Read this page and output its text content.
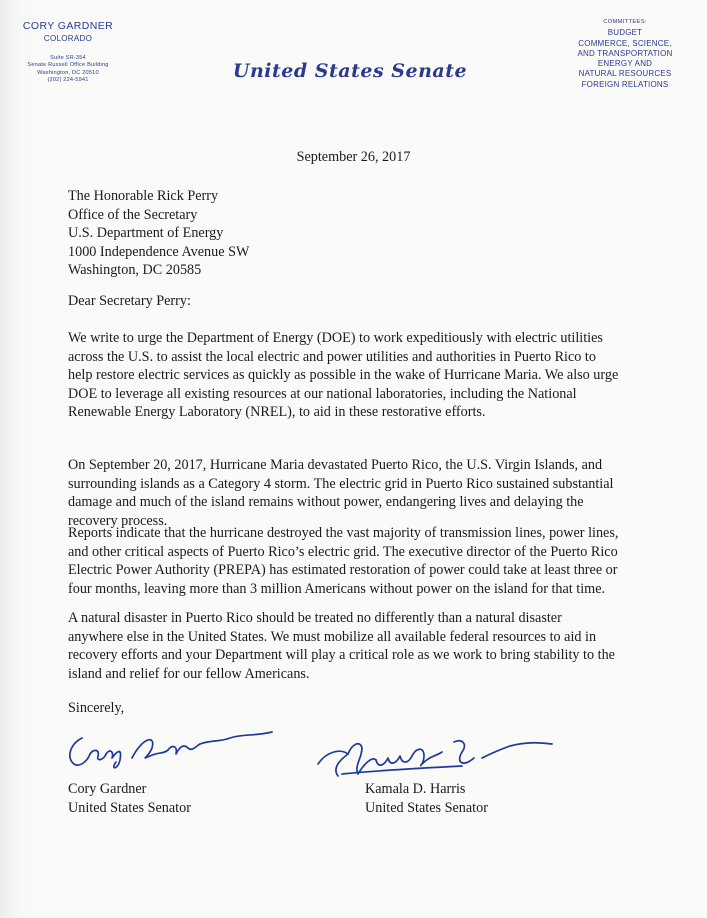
CORY GARDNER
COLORADO
Suite SR-354
Senate Russell Office Building
Washington, DC 20510
(202) 224-5941	United States Senate
COMMITTEES:
BUDGET
COMMERCE, SCIENCE,
AND TRANSPORTATION
ENERGY AND
NATURAL RESOURCES
FOREIGN RELATIONS
September 26, 2017
The Honorable Rick Perry
Office of the Secretary
U.S. Department of Energy
1000 Independence Avenue SW
Washington, DC 20585
Dear Secretary Perry:
We write to urge the Department of Energy (DOE) to work expeditiously with electric utilities
across the U.S. to assist the local electric and power utilities and authorities in Puerto Rico to
help restore electric services as quickly as possible in the wake of Hurricane Maria. We also urge
DOE to leverage all existing resources at our national laboratories, including the National
Renewable Energy Laboratory (NREL), to aid in these restorative efforts.
On September 20, 2017, Hurricane Maria devastated Puerto Rico, the U.S. Virgin Islands, and
surrounding islands as a Category 4 storm. The electric grid in Puerto Rico sustained substantial
damage and much of the island remains without power, endangering lives and delaying the
recovery process.
Reports indicate that the hurricane destroyed the vast majority of transmission lines, power lines,
and other critical aspects of Puerto Rico’s electric grid. The executive director of the Puerto Rico
Electric Power Authority (PREPA) has estimated restoration of power could take at least three or
four months, leaving more than 3 million Americans without power on the island for that time.
A natural disaster in Puerto Rico should be treated no differently than a natural disaster
anywhere else in the United States. We must mobilize all available federal resources to aid in
recovery efforts and your Department will play a critical role as we work to bring stability to the
island and relief for our fellow Americans.
Sincerely,
Cory Gardner
United States Senator
Kamala D. Harris
United States Senator
